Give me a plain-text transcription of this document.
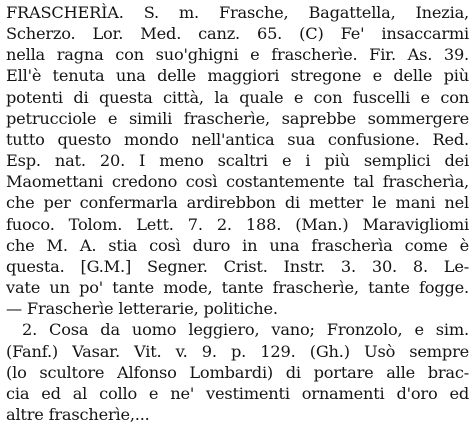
FRASCHERÌA. S. m. Frasche, Bagattella, Inezia,
Scherzo. Lor. Med. canz. 65. (C) Fe' insaccarmi
nella ragna con suo'ghigni e frascherìe. Fir. As. 39.
Ell'è tenuta una delle maggiori stregone e delle più
potenti di questa città, la quale e con fuscelli e con
petrucciole e simili frascherìe, saprebbe sommergere
tutto questo mondo nell'antica sua confusione. Red.
Esp. nat. 20. I meno scaltri e i più semplici dei
Maomettani credono così costantemente tal frascherìa,
che per confermarla ardirebbon di metter le mani nel
fuoco. Tolom. Lett. 7. 2. 188. (Man.) Maravigliomi
che M. A. stia così duro in una frascherìa come è
questa. [G.M.] Segner. Crist. Instr. 3. 30. 8. Le-
vate un po' tante mode, tante frascherìe, tante fogge.
— Frascherìe letterarie, politiche.
2. Cosa da uomo leggiero, vano; Fronzolo, e sim.
(Fanf.) Vasar. Vit. v. 9. p. 129. (Gh.) Usò sempre
(lo scultore Alfonso Lombardi) di portare alle brac-
cia ed al collo e ne' vestimenti ornamenti d'oro ed
altre frascherìe,...
